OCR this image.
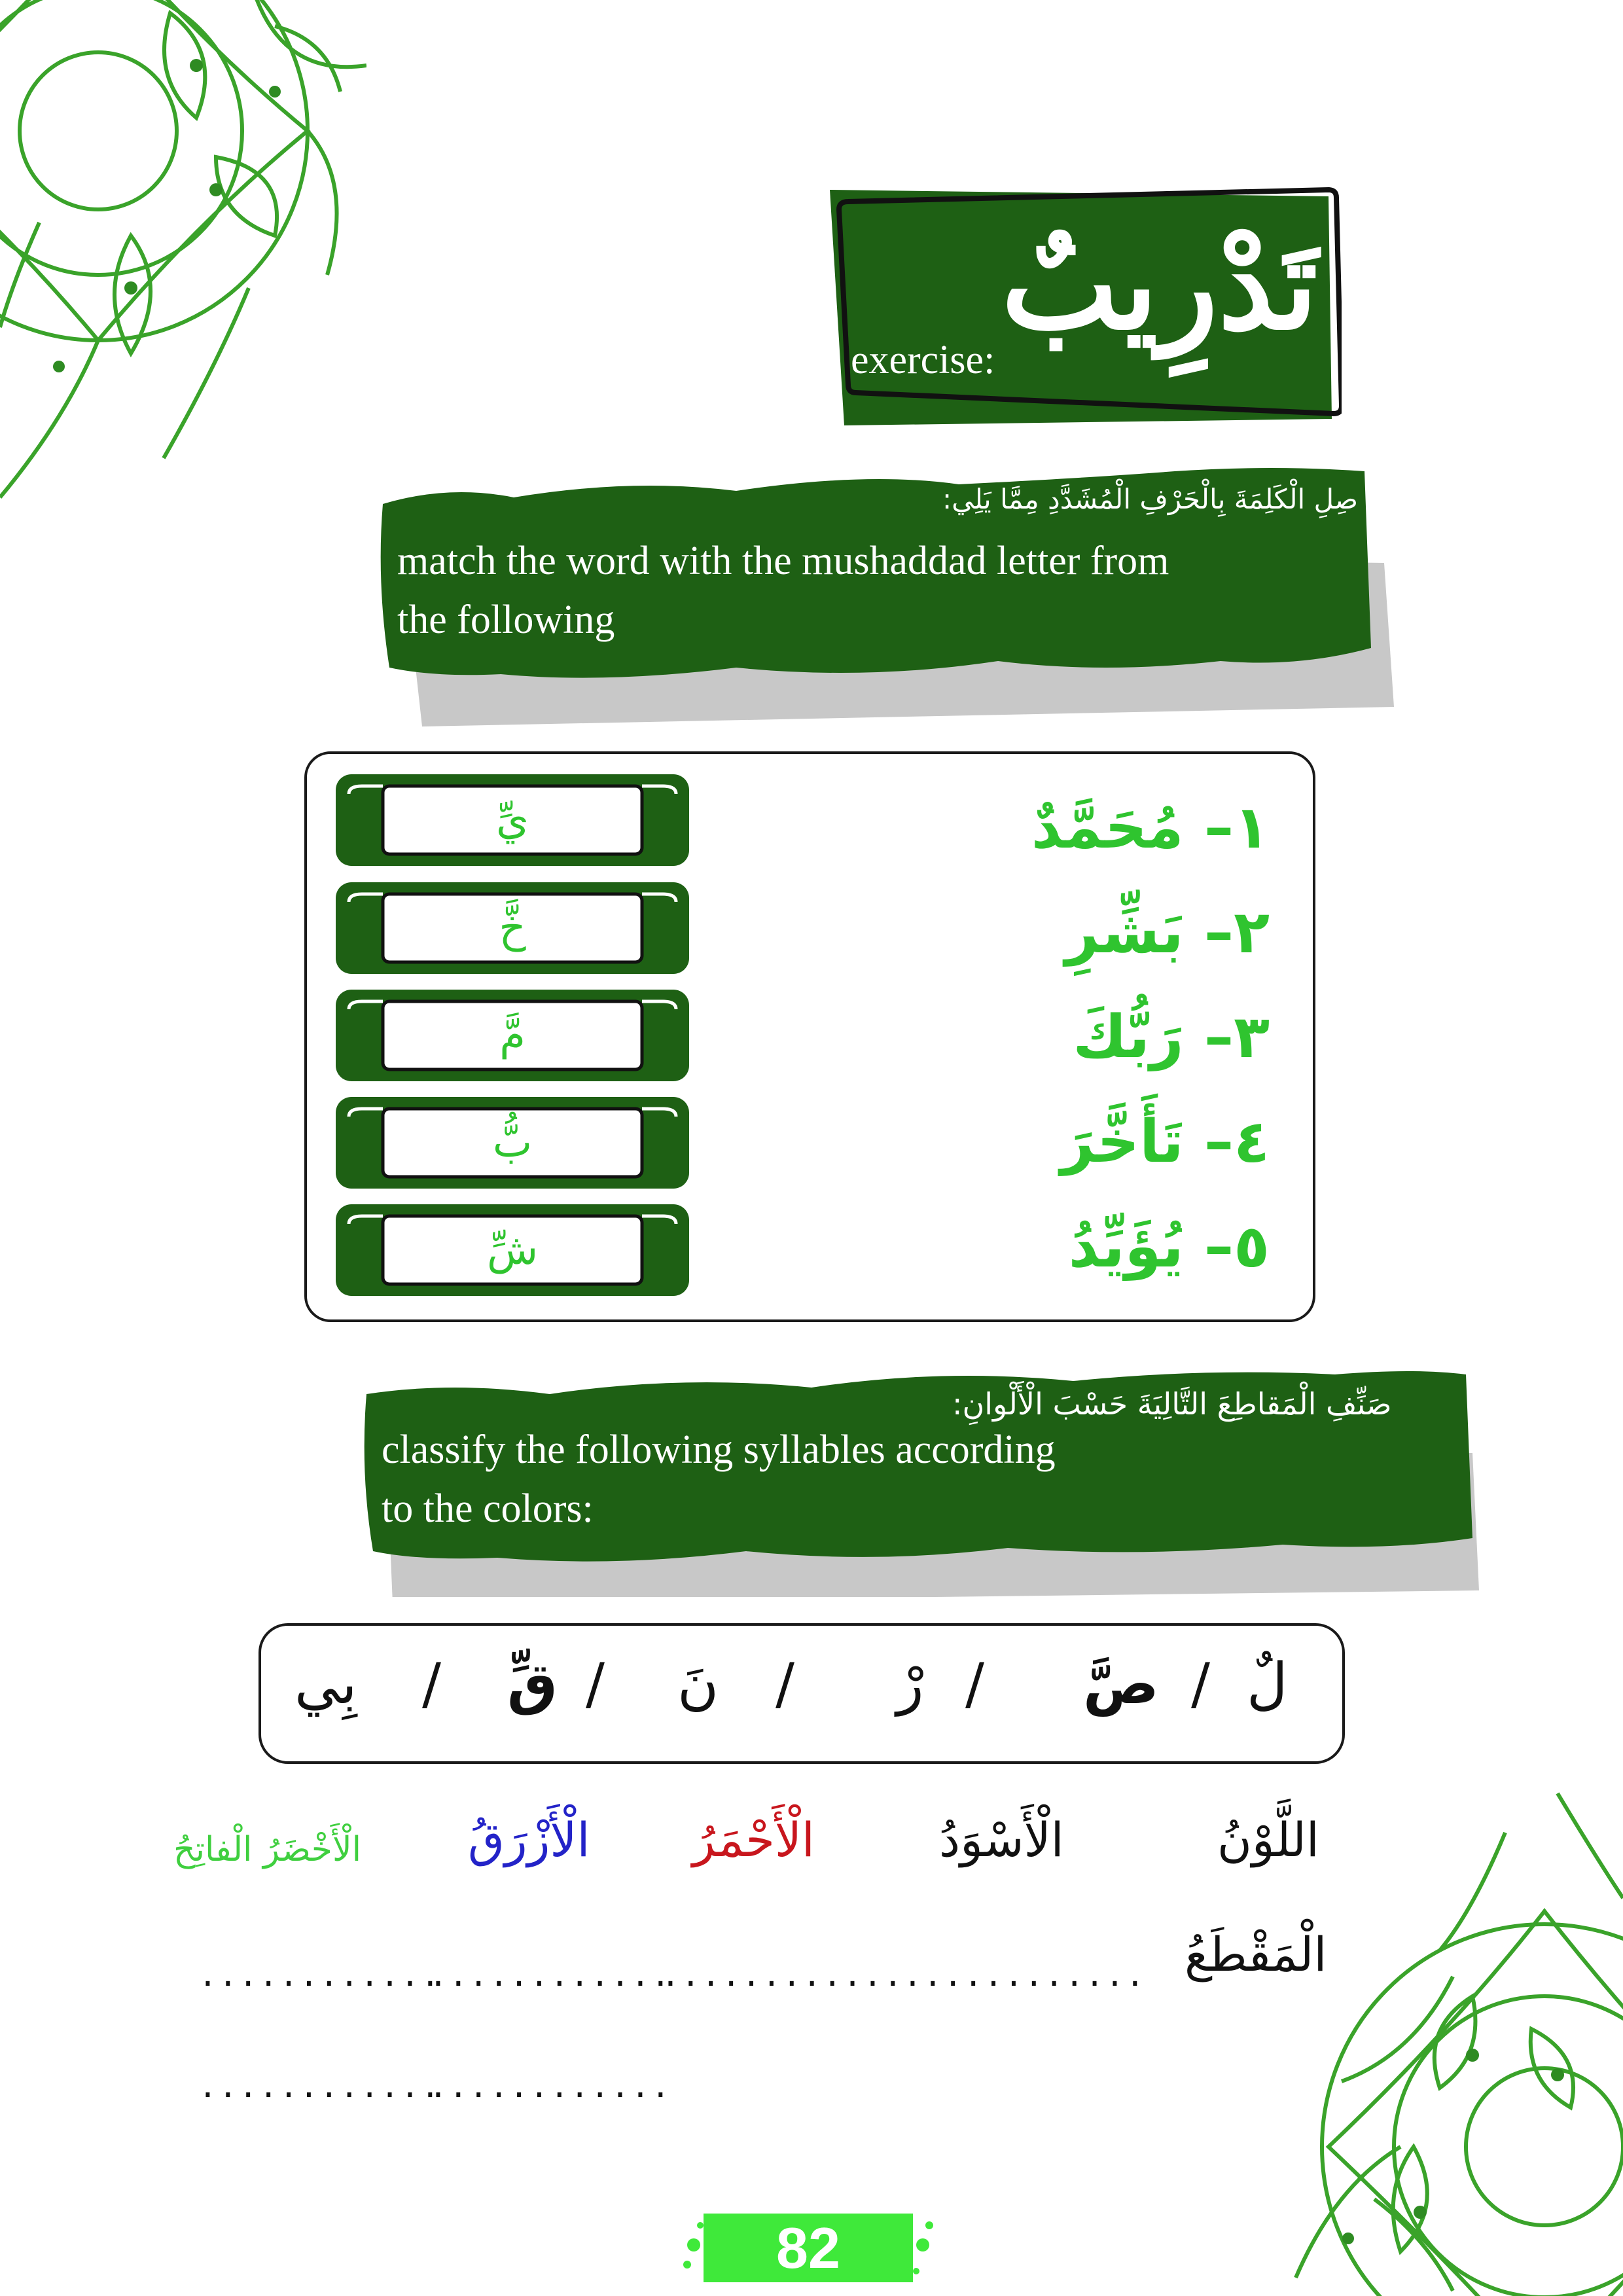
تَدْرِيبٌ
exercise:
صِلِ الْكَلِمَةَ بِالْحَرْفِ الْمُشَدَّدِ مِمَّا يَلِي:
match the word with the mushaddad letter from
the following
يِّ
خَّ
مَّ
بُّ
شِّ
١– مُحَمَّدٌ
٢– بَشِّرِ
٣– رَبُّكَ
٤– تَأَخَّرَ
٥– يُؤَيِّدُ
صَنِّفِ الْمَقاطِعَ التَّالِيَةَ حَسْبَ الْأَلْوانِ:
classify the following syllables according
to the colors:
لٌ
/
صَّ
/
رْ
/
نَ
/
قِّ
/
بِي
اللَّوْنُ
الْأَسْوَدُ
الْأَحْمَرُ
الْأَزْرَقُ
الْأَخْضَرُ الْفاتِحُ
الْمَقْطَعُ
............
............
............
............
............
............
82
